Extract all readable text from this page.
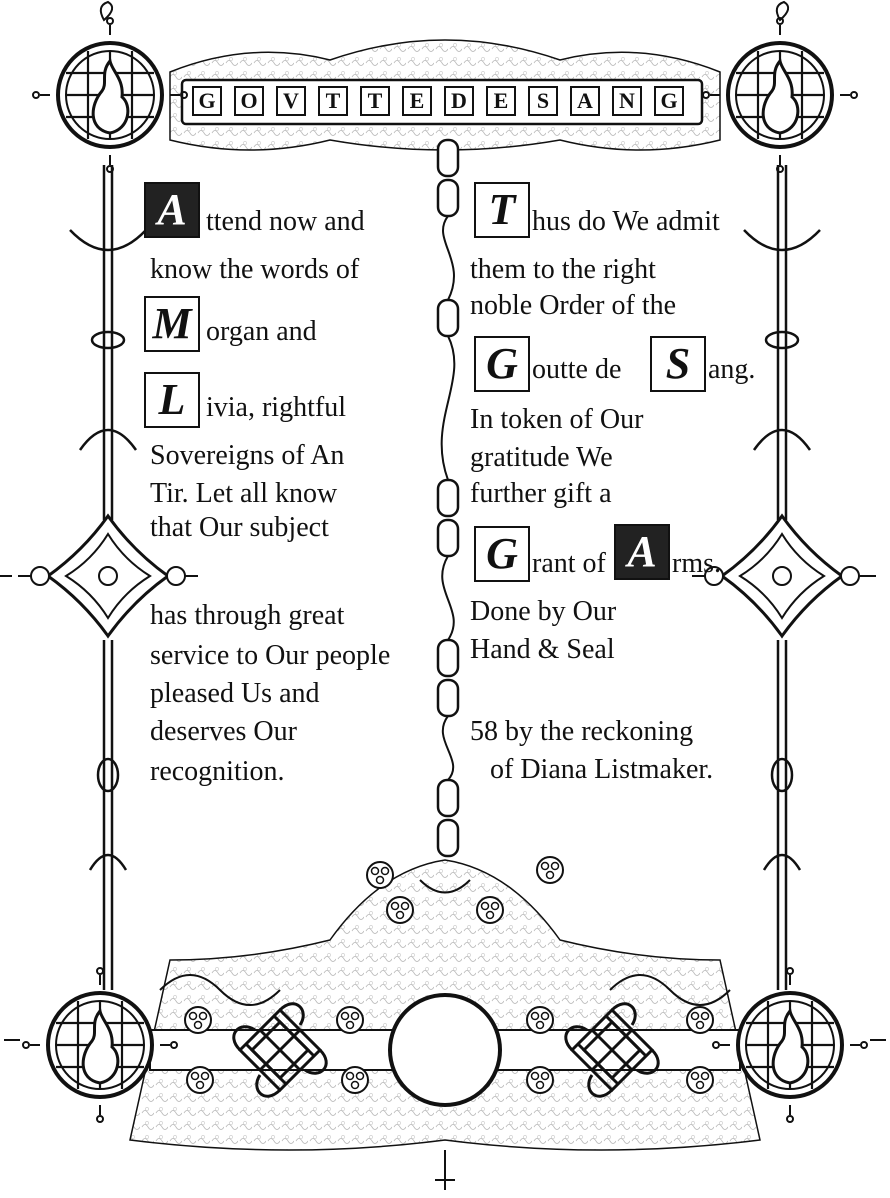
G O	V	T	T	E	D	E	S	A	N	G
A ttend now and
know the words of
M organ and
L ivia, rightful
Sovereigns of An
Tir. Let all know
that Our subject
has through great
service to Our people
pleased Us and
deserves Our
recognition.
T hus do We admit
them to the right
noble Order of the
G outte de	S ang.
In token of Our
gratitude We
further gift a
G rant of A rms.
Done by Our
Hand & Seal
58 by the reckoning
of Diana Listmaker.
